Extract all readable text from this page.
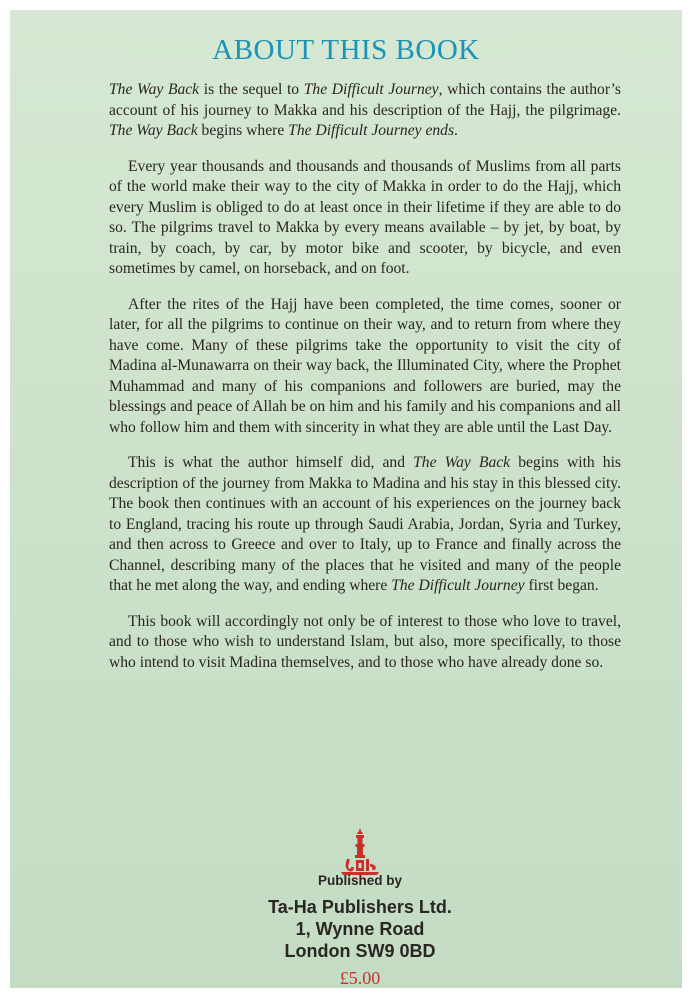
ABOUT THIS BOOK

The Way Back is the sequel to The Difficult Journey, which contains the author’s account of his journey to Makka and his description of the Hajj, the pilgrimage. The Way Back begins where The Difficult Journey ends.

Every year thousands and thousands and thousands of Muslims from all parts of the world make their way to the city of Makka in order to do the Hajj, which every Muslim is obliged to do at least once in their lifetime if they are able to do so. The pilgrims travel to Makka by every means available – by jet, by boat, by train, by coach, by car, by motor bike and scooter, by bicycle, and even sometimes by camel, on horseback, and on foot.

After the rites of the Hajj have been completed, the time comes, sooner or later, for all the pilgrims to continue on their way, and to return from where they have come. Many of these pilgrims take the opportunity to visit the city of Madina al-Munawarra on their way back, the Illuminated City, where the Prophet Muhammad and many of his companions and followers are buried, may the blessings and peace of Allah be on him and his family and his companions and all who follow him and them with sincerity in what they are able until the Last Day.

This is what the author himself did, and The Way Back begins with his description of the journey from Makka to Madina and his stay in this blessed city. The book then continues with an account of his experiences on the journey back to England, tracing his route up through Saudi Arabia, Jordan, Syria and Turkey, and then across to Greece and over to Italy, up to France and finally across the Channel, describing many of the places that he visited and many of the people that he met along the way, and ending where The Difficult Journey first began.

This book will accordingly not only be of interest to those who love to travel, and to those who wish to understand Islam, but also, more specifically, to those who intend to visit Madina themselves, and to those who have already done so.

Published by
Ta-Ha Publishers Ltd.
1, Wynne Road
London SW9 0BD
£5.00
